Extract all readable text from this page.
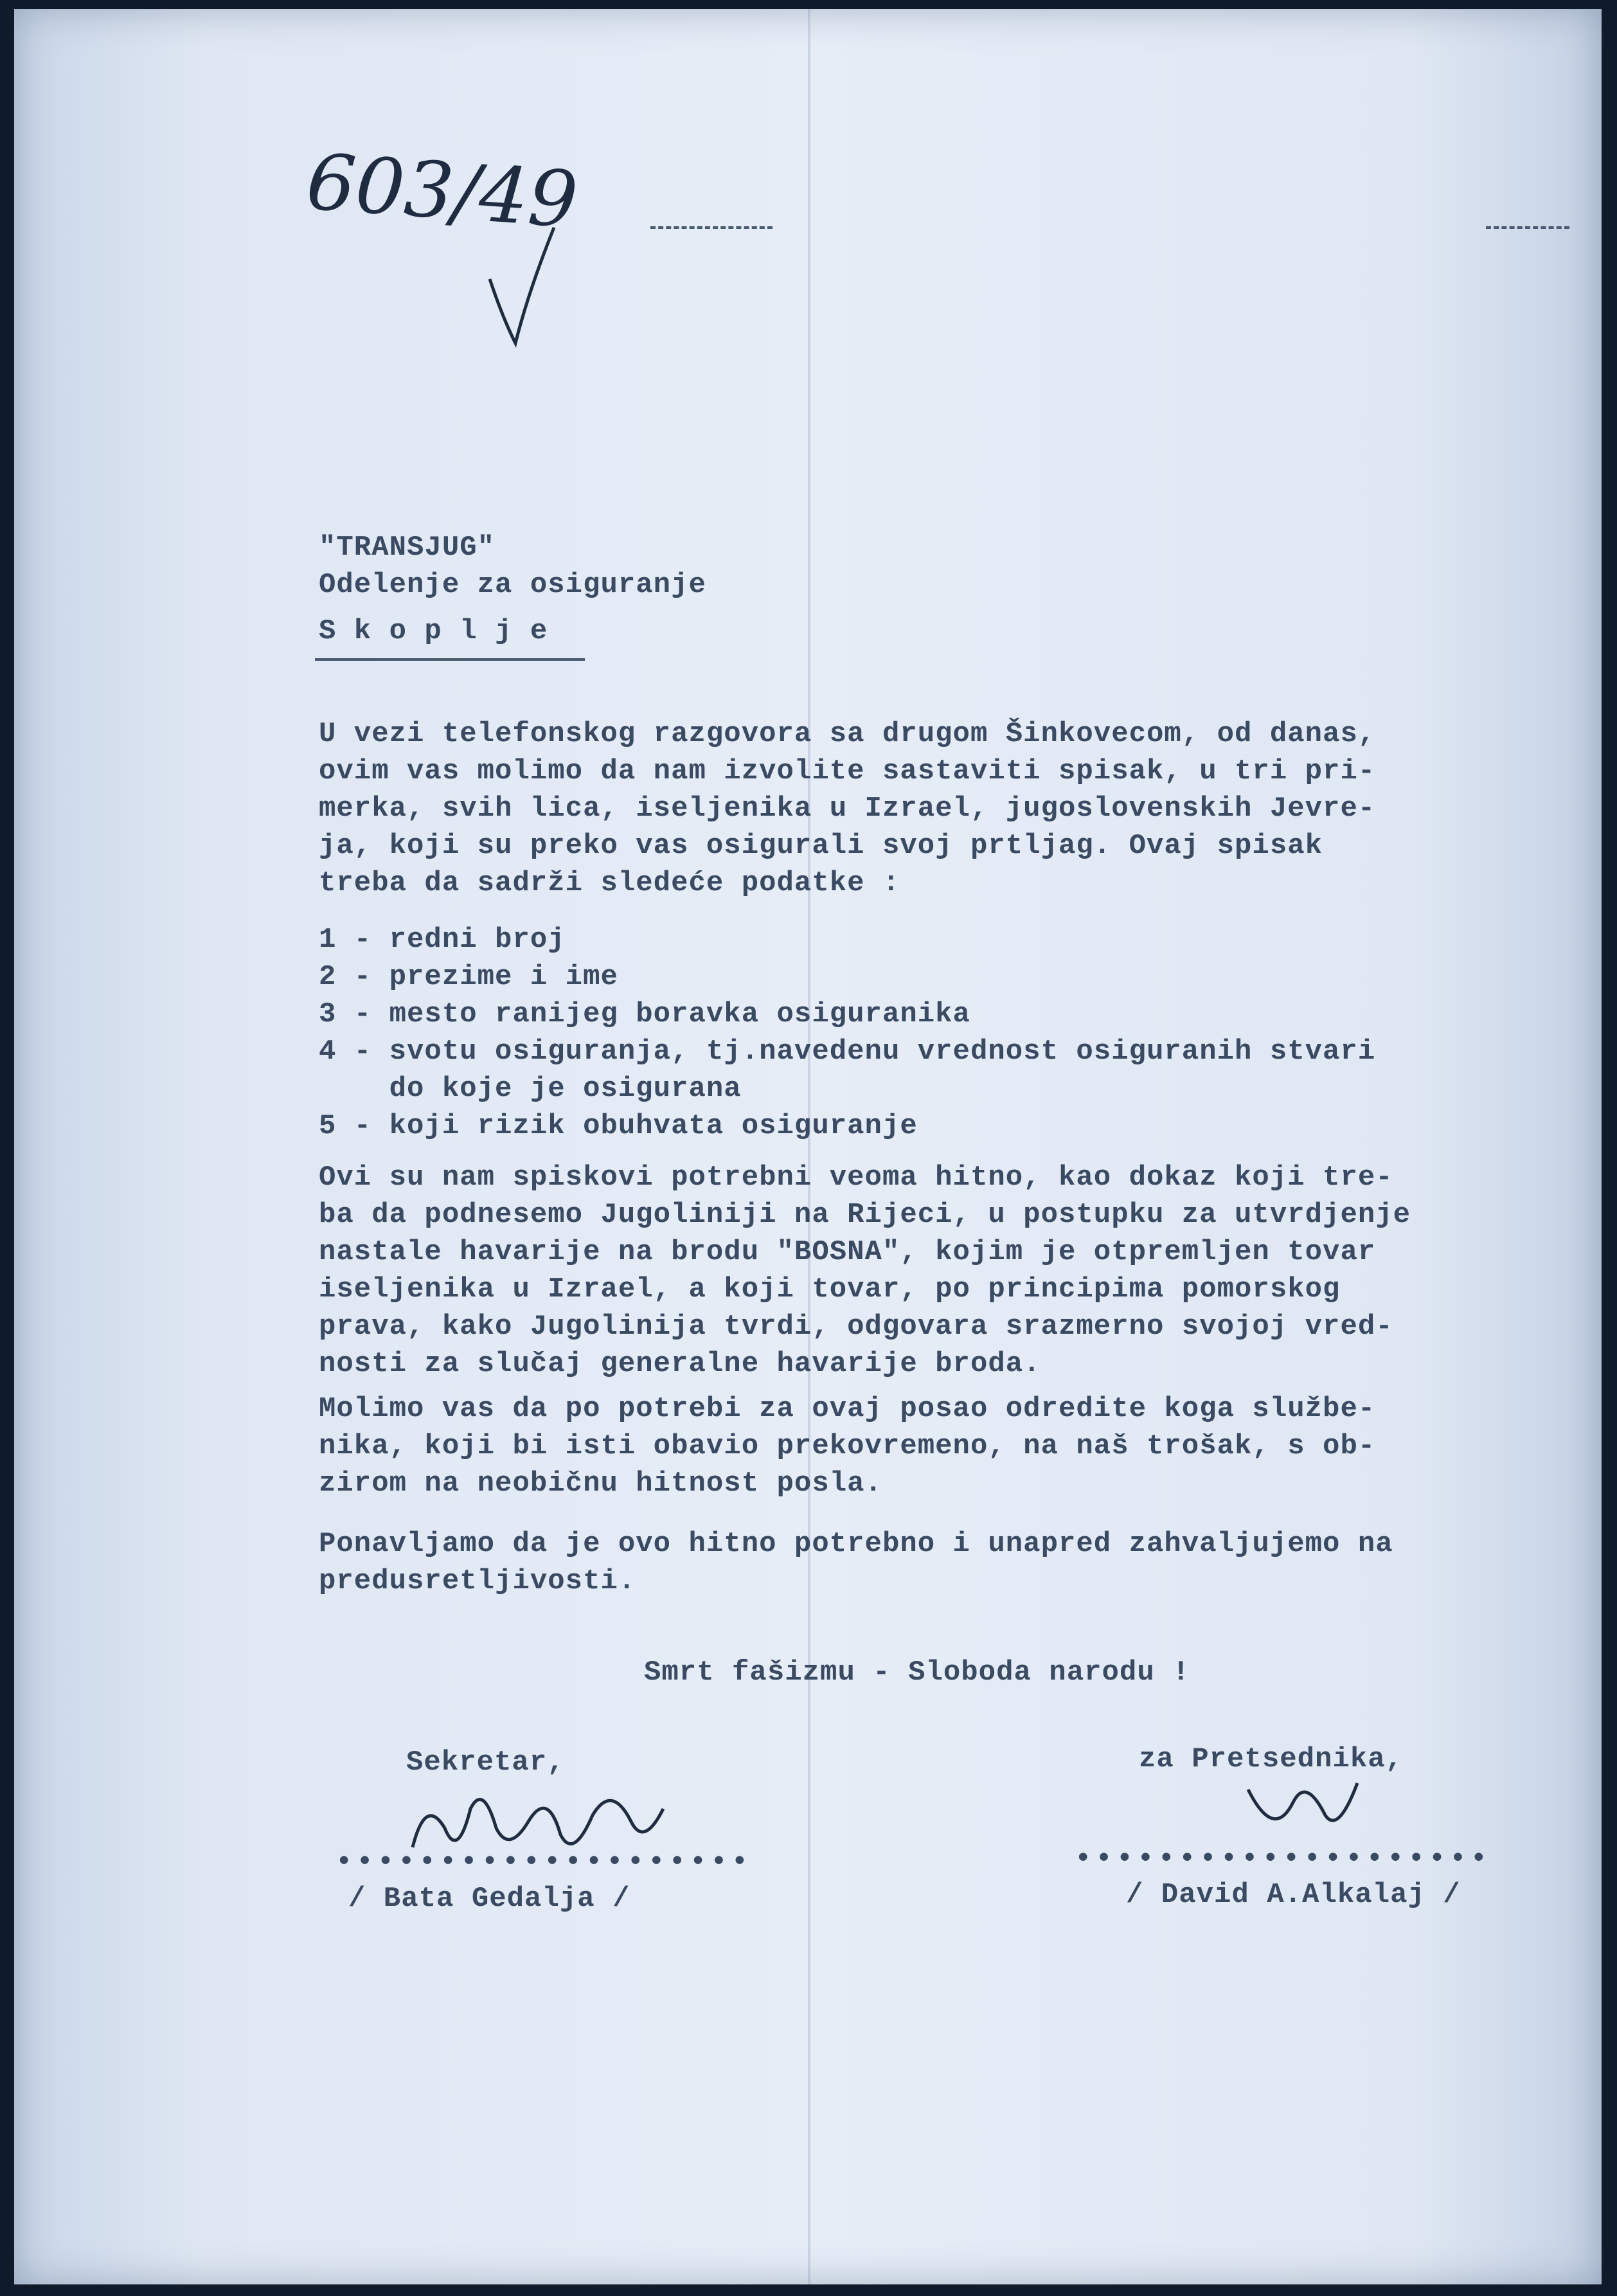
603/49
"TRANSJUG"
Odelenje za osiguranje
S k o p l j e
U vezi telefonskog razgovora sa drugom Šinkovecom, od danas,
ovim vas molimo da nam izvolite sastaviti spisak, u tri pri-
merka, svih lica, iseljenika u Izrael, jugoslovenskih Jevre-
ja, koji su preko vas osigurali svoj prtljag. Ovaj spisak
treba da sadrži sledeće podatke :
1 - redni broj
2 - prezime i ime
3 - mesto ranijeg boravka osiguranika
4 - svotu osiguranja, tj.navedenu vrednost osiguranih stvari
do koje je osigurana
5 - koji rizik obuhvata osiguranje
Ovi su nam spiskovi potrebni veoma hitno, kao dokaz koji tre-
ba da podnesemo Jugoliniji na Rijeci, u postupku za utvrdjenje
nastale havarije na brodu "BOSNA", kojim je otpremljen tovar
iseljenika u Izrael, a koji tovar, po principima pomorskog
prava, kako Jugolinija tvrdi, odgovara srazmerno svojoj vred-
nosti za slučaj generalne havarije broda.
Molimo vas da po potrebi za ovaj posao odredite koga službe-
nika, koji bi isti obavio prekovremeno, na naš trošak, s ob-
zirom na neobičnu hitnost posla.
Ponavljamo da je ovo hitno potrebno i unapred zahvaljujemo na
predusretljivosti.
Smrt fašizmu - Sloboda narodu !
Sekretar,
••••••••••••••••••••
/ Bata Gedalja /
za Pretsednika,
••••••••••••••••••••
/ David A.Alkalaj /
